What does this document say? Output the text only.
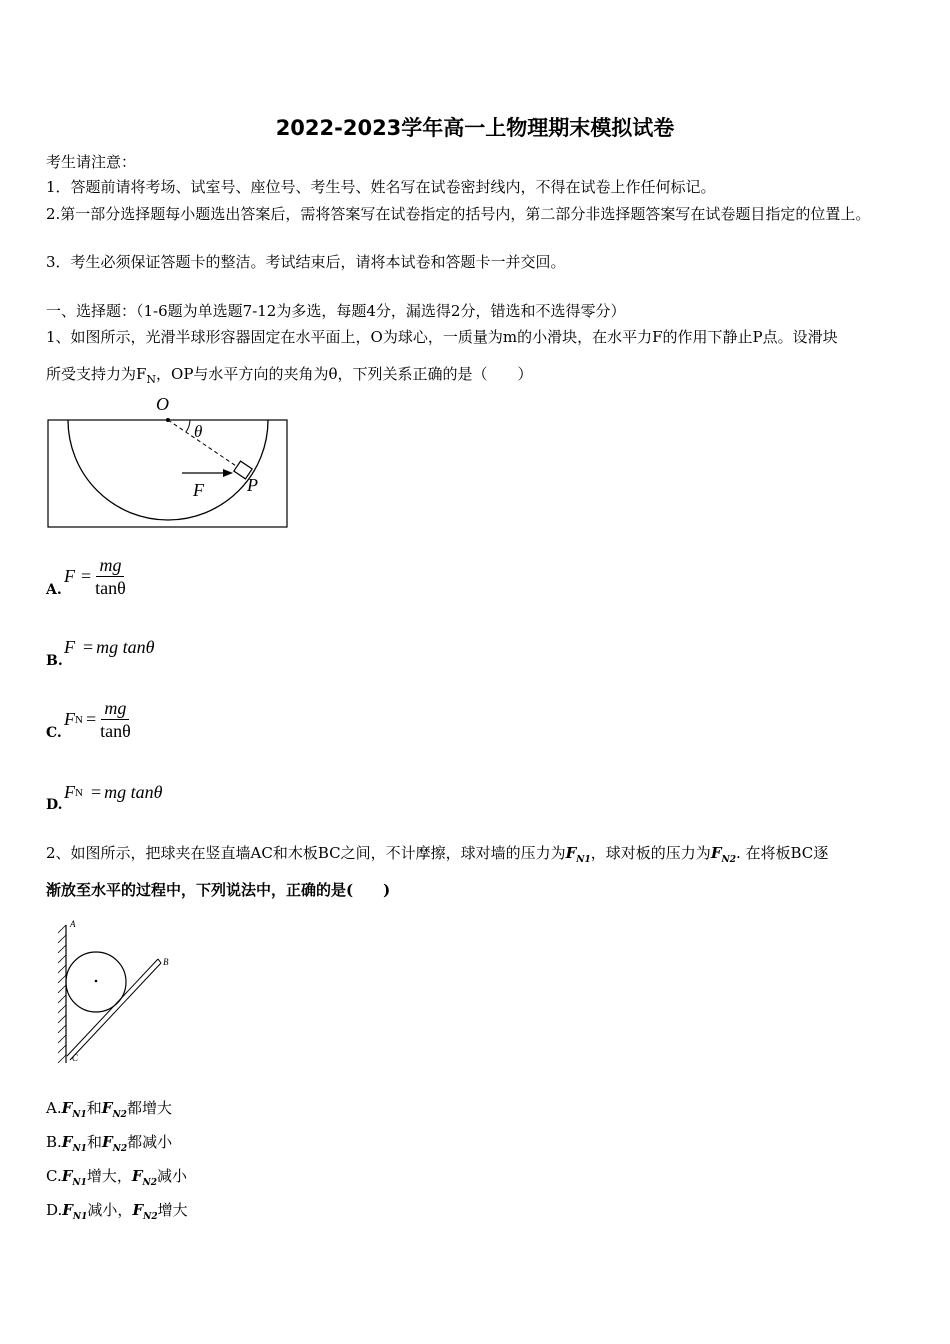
2022-2023学年高一上物理期末模拟试卷
考生请注意：
1．答题前请将考场、试室号、座位号、考生号、姓名写在试卷密封线内，不得在试卷上作任何标记。
2.第一部分选择题每小题选出答案后，需将答案写在试卷指定的括号内，第二部分非选择题答案写在试卷题目指定的位置上。
3．考生必须保证答题卡的整洁。考试结束后，请将本试卷和答题卡一并交回。
一、选择题：（1-6题为单选题7-12为多选，每题4分，漏选得2分，错选和不选得零分）
1、如图所示，光滑半球形容器固定在水平面上，O为球心，一质量为m的小滑块，在水平力F的作用下静止P点。设滑块
所受支持力为$F_N$，OP与水平方向的夹角为θ，下列关系正确的是（　　）
O
θ
F P
A.
$F = \frac{mg}{\tan\theta}$
B.
F = mg tanθ
C.
F $N = \frac{mg}{\tan\theta}$
D.
F N = mg tanθ
2、如图所示，把球夹在竖直墙AC和木板BC之间，不计摩擦，球对墙的压力为$F_{N1}$，球对板的压力为$F_{N2}$. 在将板BC逐
渐放至水平的过程中，下列说法中，正确的是(　　)
A
B
C
$A.F_{N1}$和$F_{N2}$都增大
$B.F_{N1}$和$F_{N2}$都减小
$C.F_{N1}$增大，$F_{N2}$减小
$D.F_{N1}$减小，$F_{N2}$增大
